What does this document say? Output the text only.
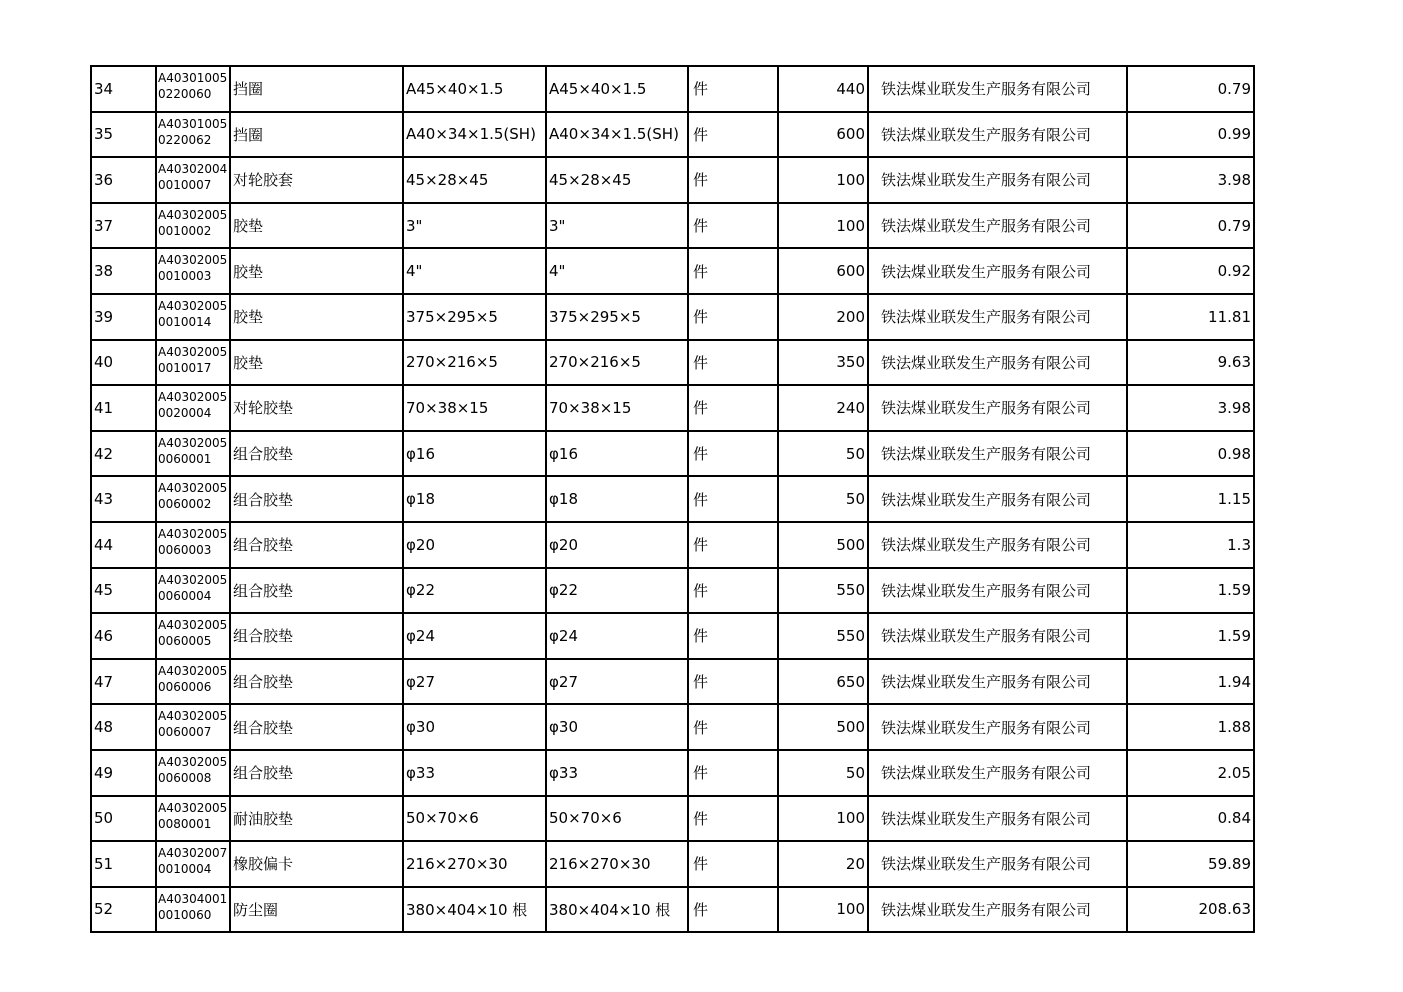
34	A403010050220060	挡圈	A45×40×1.5	A45×40×1.5	件	440	铁法煤业联发生产服务有限公司	0.79
35	A403010050220062	挡圈	A40×34×1.5(SH)	A40×34×1.5(SH)	件	600	铁法煤业联发生产服务有限公司	0.99
36	A403020040010007	对轮胶套	45×28×45	45×28×45	件	100	铁法煤业联发生产服务有限公司	3.98
37	A403020050010002	胶垫	3"	3"	件	100	铁法煤业联发生产服务有限公司	0.79
38	A403020050010003	胶垫	4"	4"	件	600	铁法煤业联发生产服务有限公司	0.92
39	A403020050010014	胶垫	375×295×5	375×295×5	件	200	铁法煤业联发生产服务有限公司	11.81
40	A403020050010017	胶垫	270×216×5	270×216×5	件	350	铁法煤业联发生产服务有限公司	9.63
41	A403020050020004	对轮胶垫	70×38×15	70×38×15	件	240	铁法煤业联发生产服务有限公司	3.98
42	A403020050060001	组合胶垫	φ16	φ16	件	50	铁法煤业联发生产服务有限公司	0.98
43	A403020050060002	组合胶垫	φ18	φ18	件	50	铁法煤业联发生产服务有限公司	1.15
44	A403020050060003	组合胶垫	φ20	φ20	件	500	铁法煤业联发生产服务有限公司	1.3
45	A403020050060004	组合胶垫	φ22	φ22	件	550	铁法煤业联发生产服务有限公司	1.59
46	A403020050060005	组合胶垫	φ24	φ24	件	550	铁法煤业联发生产服务有限公司	1.59
47	A403020050060006	组合胶垫	φ27	φ27	件	650	铁法煤业联发生产服务有限公司	1.94
48	A403020050060007	组合胶垫	φ30	φ30	件	500	铁法煤业联发生产服务有限公司	1.88
49	A403020050060008	组合胶垫	φ33	φ33	件	50	铁法煤业联发生产服务有限公司	2.05
50	A403020050080001	耐油胶垫	50×70×6	50×70×6	件	100	铁法煤业联发生产服务有限公司	0.84
51	A403020070010004	橡胶偏卡	216×270×30	216×270×30	件	20	铁法煤业联发生产服务有限公司	59.89
52	A403040010010060	防尘圈	380×404×10 根	380×404×10 根	件	100	铁法煤业联发生产服务有限公司	208.63
